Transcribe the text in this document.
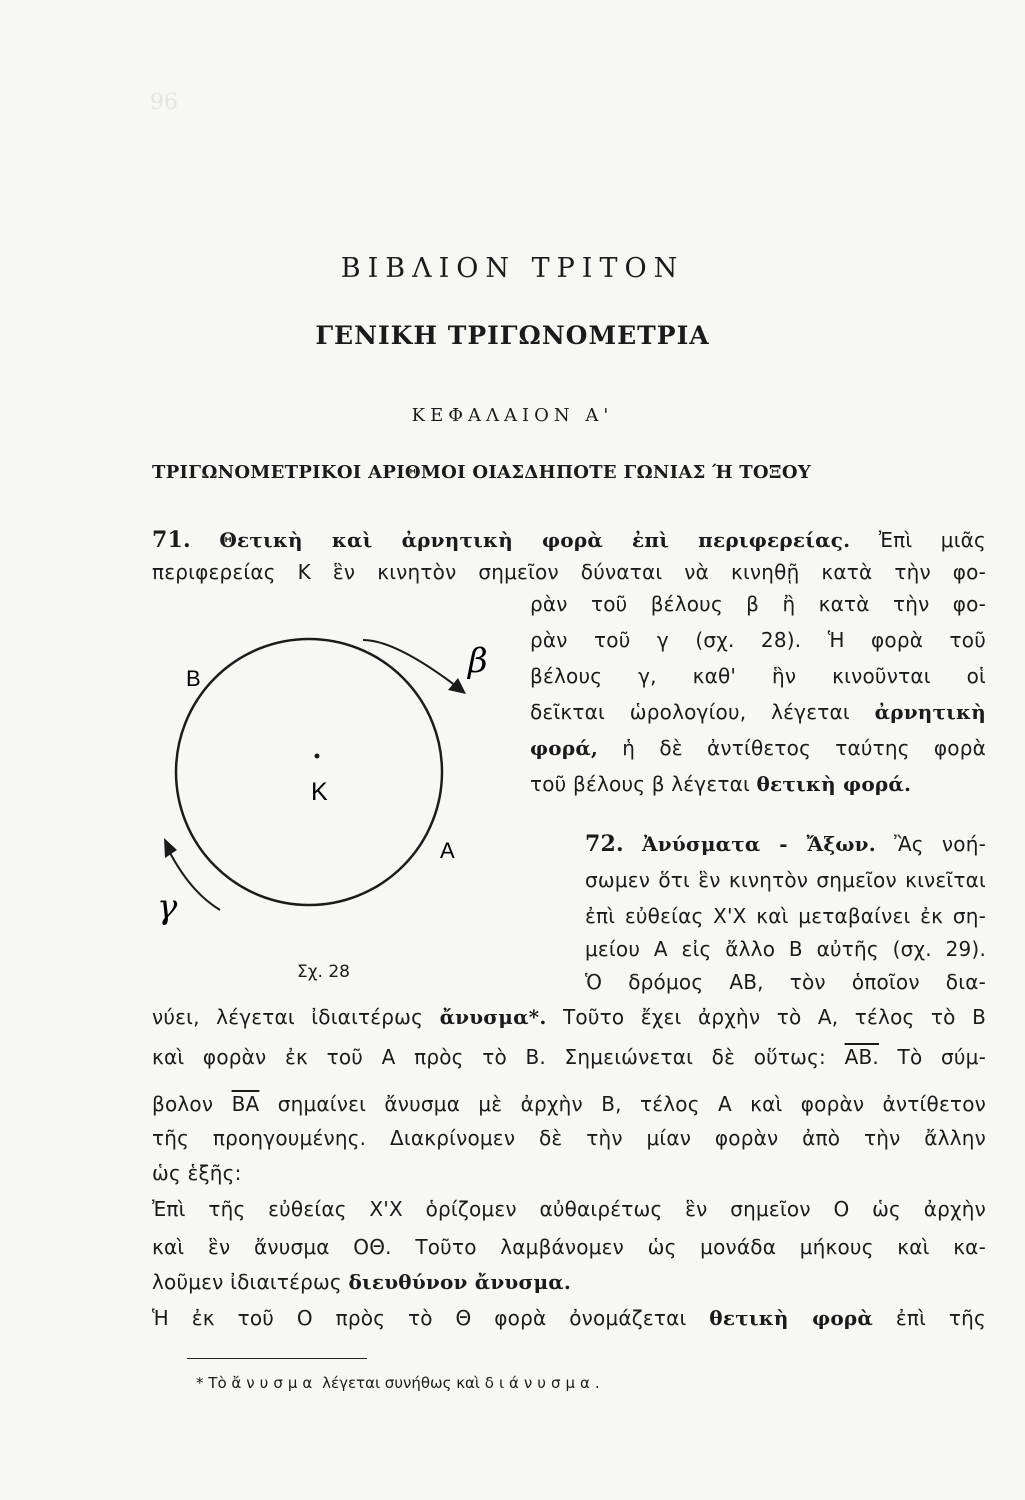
96
ΒΙΒΛΙΟΝ ΤΡΙΤΟΝ
ΓΕΝΙΚΗ ΤΡΙΓΩΝΟΜΕΤΡΙΑ
ΚΕΦΑΛΑΙΟΝ Α'
ΤΡΙΓΩΝΟΜΕΤΡΙΚΟΙ ΑΡΙΘΜΟΙ ΟΙΑΣΔΗΠΟΤΕ ΓΩΝΙΑΣ Ή ΤΟΞΟΥ
71. Θετικὴ καὶ ἀρνητικὴ φορὰ ἐπὶ περιφερείας. Ἐπὶ μιᾶς
περιφερείας Κ ἓν κινητὸν σημεῖον δύναται νὰ κινηθῇ κατὰ τὴν φο-
ρὰν τοῦ βέλους β ἢ κατὰ τὴν φο-
ρὰν τοῦ γ (σχ. 28). Ἡ φορὰ τοῦ
βέλους γ, καθ' ἣν κινοῦνται οἱ
δεῖκται ὡρολογίου, λέγεται ἀρνητικὴ
φορά, ἡ δὲ ἀντίθετος ταύτης φορὰ
τοῦ βέλους β λέγεται θετικὴ φορά.
72. Ἀνύσματα - Ἄξων. Ἂς νοή-
σωμεν ὅτι ἓν κινητὸν σημεῖον κινεῖται
ἐπὶ εὐθείας Χ'Χ καὶ μεταβαίνει ἐκ ση-
μείου Α εἰς ἄλλο Β αὐτῆς (σχ. 29).
Ὁ δρόμος ΑΒ, τὸν ὁποῖον δια-
νύει, λέγεται ἰδιαιτέρως ἄνυσμα*. Τοῦτο ἔχει ἀρχὴν τὸ Α, τέλος τὸ Β
καὶ φορὰν ἐκ τοῦ Α πρὸς τὸ Β. Σημειώνεται δὲ οὕτως: ΑΒ. Τὸ σύμ-
βολον $\overline{BA}$ σημαίνει ἄνυσμα μὲ ἀρχὴν Β, τέλος Α καὶ φορὰν ἀντίθετον
τῆς προηγουμένης. Διακρίνομεν δὲ τὴν μίαν φορὰν ἀπὸ τὴν ἄλλην
ὡς ἑξῆς:
Ἐπὶ τῆς εὐθείας Χ'Χ ὁρίζομεν αὐθαιρέτως ἓν σημεῖον Ο ὡς ἀρχὴν
καὶ ἓν ἄνυσμα ΟΘ. Τοῦτο λαμβάνομεν ὡς μονάδα μήκους καὶ κα-
λοῦμεν ἰδιαιτέρως διευθύνον ἄνυσμα.
Ἡ ἐκ τοῦ Ο πρὸς τὸ Θ φορὰ ὀνομάζεται θετικὴ φορὰ ἐπὶ τῆς
Β
Κ
Α
β
γ
Σχ. 28
* Τὸ ἄνυσμα λέγεται συνήθως καὶ διάνυσμα.
